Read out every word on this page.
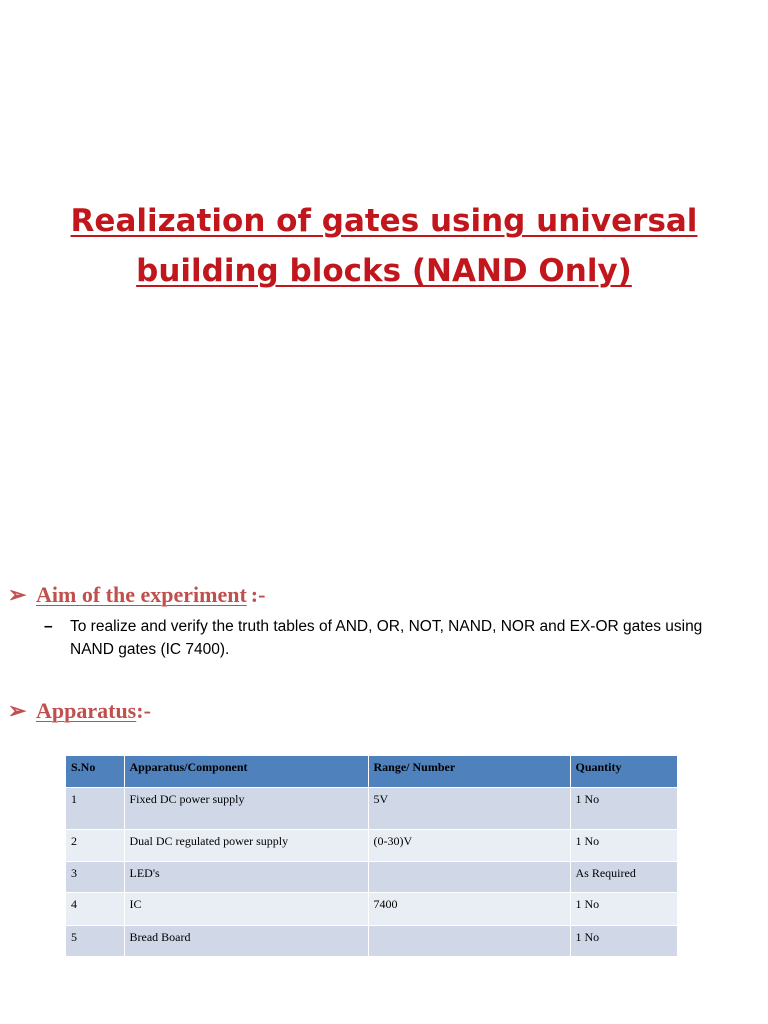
Realization of gates using universal
building blocks (NAND Only)
➢ Aim of the experiment :-
–	To realize and verify the truth tables of AND, OR, NOT, NAND, NOR and EX-OR gates using NAND gates (IC 7400).
➢ Apparatus:-
S.No	Apparatus/Component	Range/ Number	Quantity
1	Fixed DC power supply	5V	1 No
2	Dual DC regulated power supply	(0-30)V	1 No
3	LED's		As Required
4	IC	7400	1 No
5	Bread Board		1 No
